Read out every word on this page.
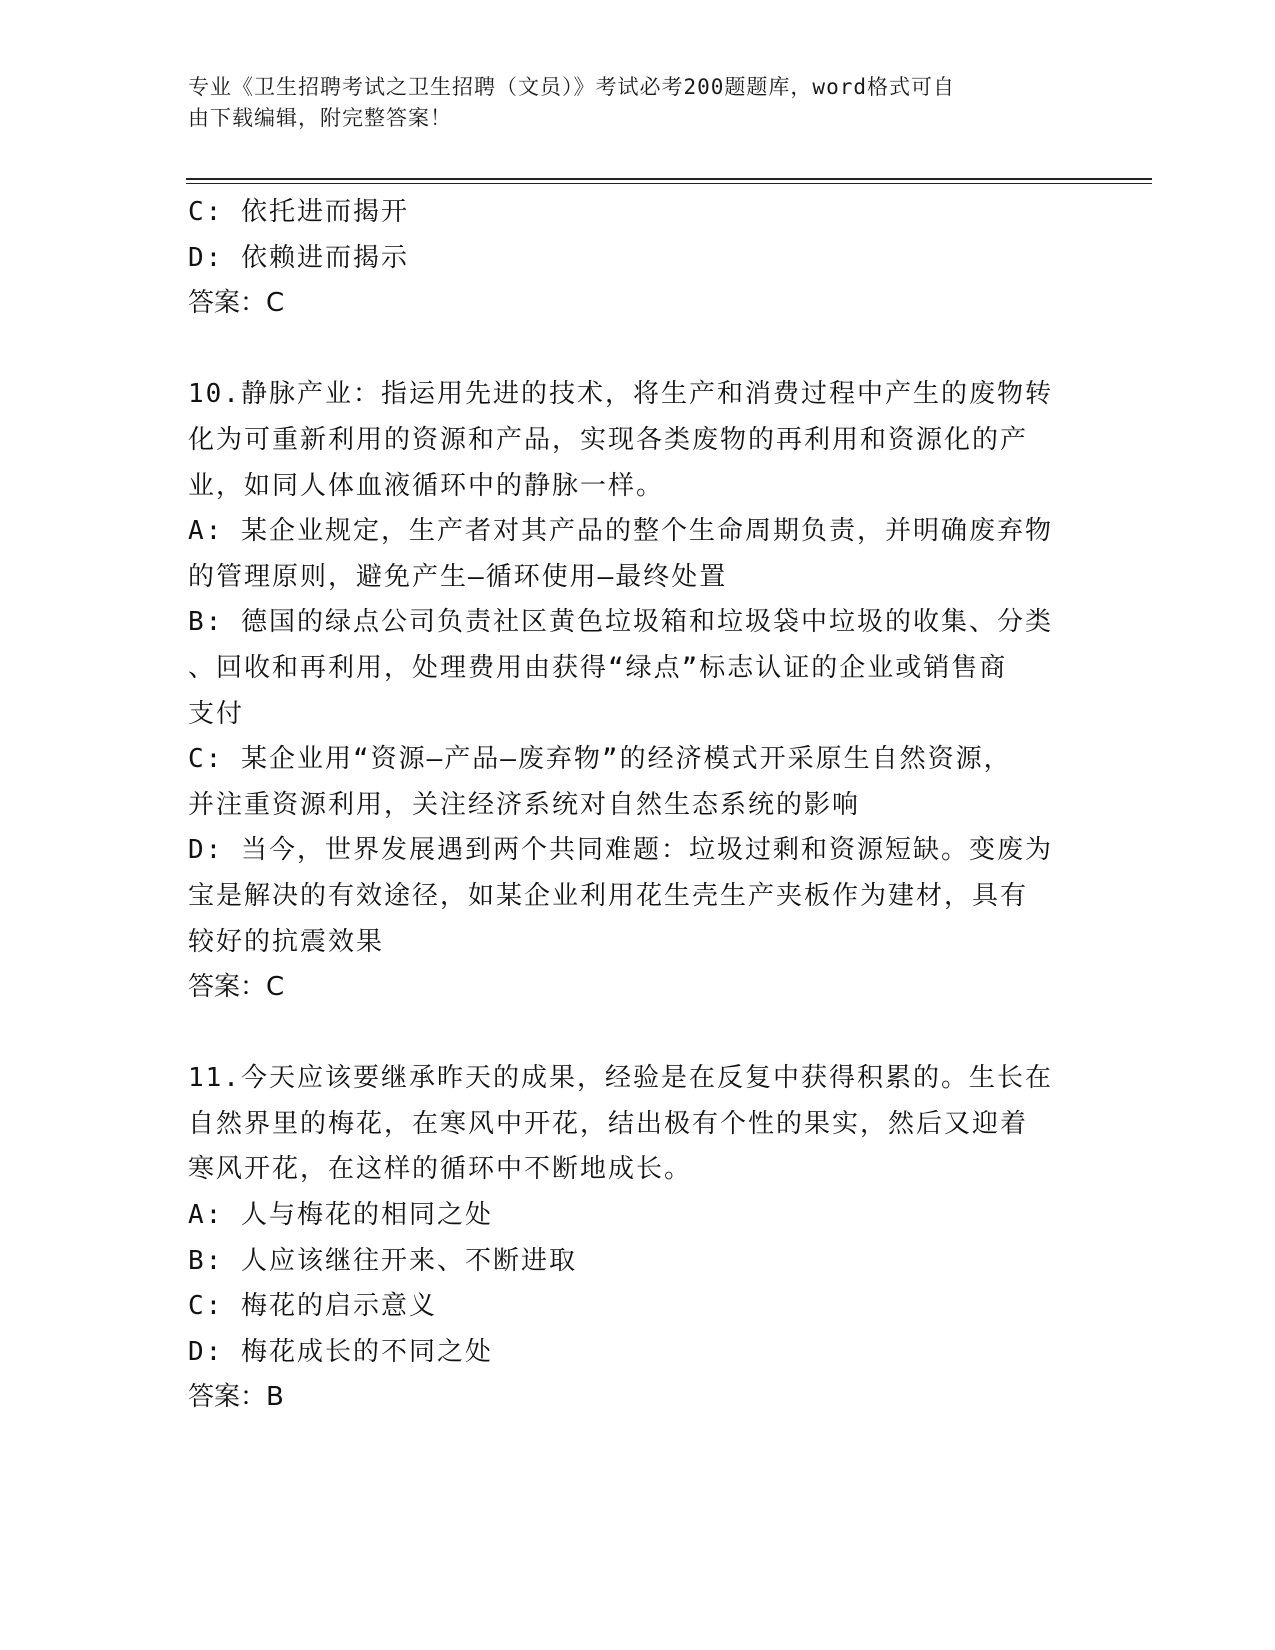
专业《卫生招聘考试之卫生招聘（文员）》考试必考200题题库，word格式可自
由下载编辑，附完整答案！
C: 依托进而揭开
D: 依赖进而揭示
答案：C
10.静脉产业：指运用先进的技术，将生产和消费过程中产生的废物转
化为可重新利用的资源和产品，实现各类废物的再利用和资源化的产
业，如同人体血液循环中的静脉一样。
A: 某企业规定，生产者对其产品的整个生命周期负责，并明确废弃物
的管理原则，避免产生—循环使用—最终处置
B: 德国的绿点公司负责社区黄色垃圾箱和垃圾袋中垃圾的收集、分类
、回收和再利用，处理费用由获得“绿点”标志认证的企业或销售商
支付
C: 某企业用“资源—产品—废弃物”的经济模式开采原生自然资源，
并注重资源利用，关注经济系统对自然生态系统的影响
D: 当今，世界发展遇到两个共同难题：垃圾过剩和资源短缺。变废为
宝是解决的有效途径，如某企业利用花生壳生产夹板作为建材，具有
较好的抗震效果
答案：C
11.今天应该要继承昨天的成果，经验是在反复中获得积累的。生长在
自然界里的梅花，在寒风中开花，结出极有个性的果实，然后又迎着
寒风开花，在这样的循环中不断地成长。
A: 人与梅花的相同之处
B: 人应该继往开来、不断进取
C: 梅花的启示意义
D: 梅花成长的不同之处
答案：B
